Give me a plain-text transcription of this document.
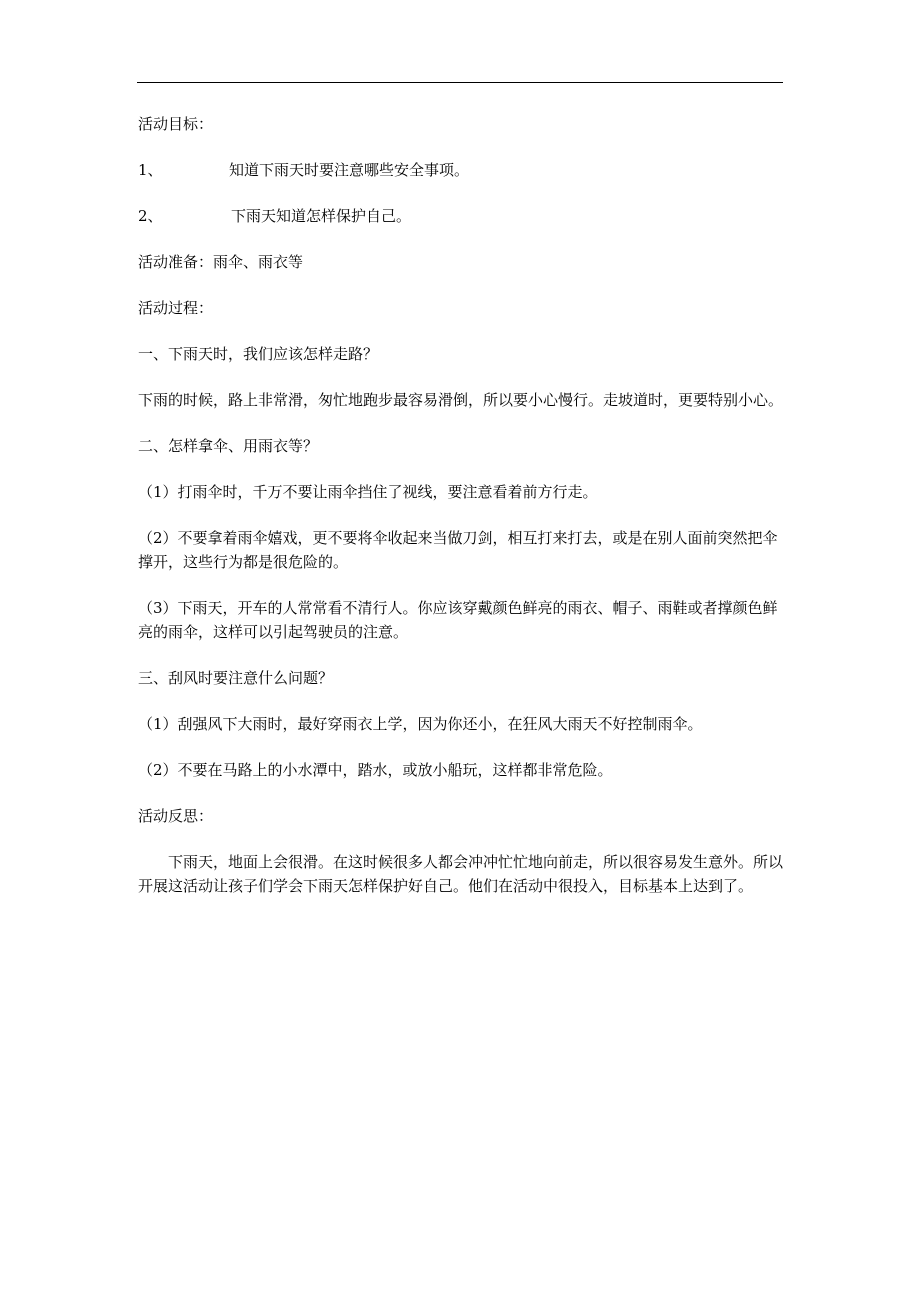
活动目标：

1、	知道下雨天时要注意哪些安全事项。

2、	下雨天知道怎样保护自己。

活动准备：雨伞、雨衣等

活动过程：

一、下雨天时，我们应该怎样走路？

下雨的时候，路上非常滑，匆忙地跑步最容易滑倒，所以要小心慢行。走坡道时，更要特别小心。

二、怎样拿伞、用雨衣等？

（1）打雨伞时，千万不要让雨伞挡住了视线，要注意看着前方行走。

（2）不要拿着雨伞嬉戏，更不要将伞收起来当做刀剑，相互打来打去，或是在别人面前突然把伞撑开，这些行为都是很危险的。

（3）下雨天，开车的人常常看不清行人。你应该穿戴颜色鲜亮的雨衣、帽子、雨鞋或者撑颜色鲜亮的雨伞，这样可以引起驾驶员的注意。

三、刮风时要注意什么问题？

（1）刮强风下大雨时，最好穿雨衣上学，因为你还小，在狂风大雨天不好控制雨伞。

（2）不要在马路上的小水潭中，踏水，或放小船玩，这样都非常危险。

活动反思：

下雨天，地面上会很滑。在这时候很多人都会冲冲忙忙地向前走，所以很容易发生意外。所以开展这活动让孩子们学会下雨天怎样保护好自己。他们在活动中很投入，目标基本上达到了。
